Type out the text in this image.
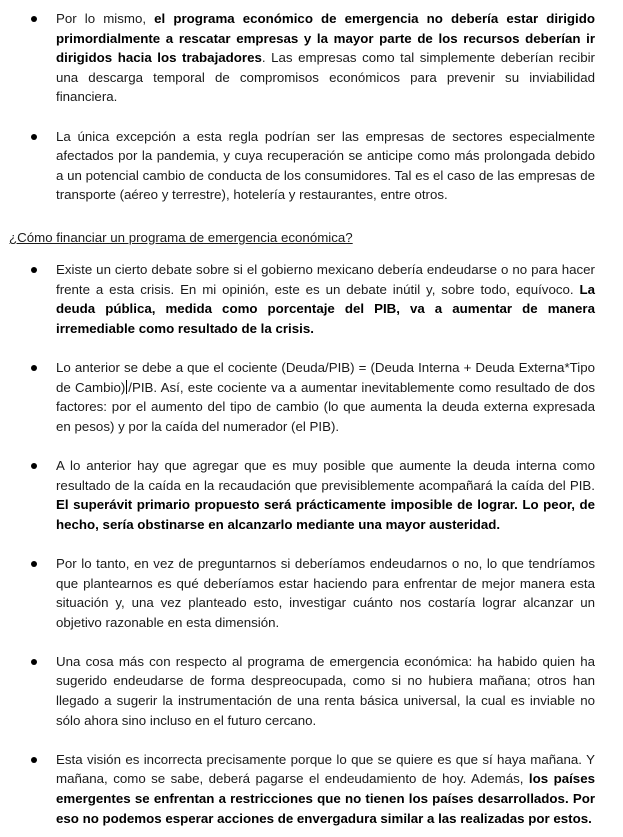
Por lo mismo, el programa económico de emergencia no debería estar dirigido primordialmente a rescatar empresas y la mayor parte de los recursos deberían ir dirigidos hacia los trabajadores. Las empresas como tal simplemente deberían recibir una descarga temporal de compromisos económicos para prevenir su inviabilidad financiera.
La única excepción a esta regla podrían ser las empresas de sectores especialmente afectados por la pandemia, y cuya recuperación se anticipe como más prolongada debido a un potencial cambio de conducta de los consumidores. Tal es el caso de las empresas de transporte (aéreo y terrestre), hotelería y restaurantes, entre otros.
¿Cómo financiar un programa de emergencia económica?
Existe un cierto debate sobre si el gobierno mexicano debería endeudarse o no para hacer frente a esta crisis. En mi opinión, este es un debate inútil y, sobre todo, equívoco. La deuda pública, medida como porcentaje del PIB, va a aumentar de manera irremediable como resultado de la crisis.
Lo anterior se debe a que el cociente (Deuda/PIB) = (Deuda Interna + Deuda Externa*Tipo de Cambio) /PIB. Así, este cociente va a aumentar inevitablemente como resultado de dos factores: por el aumento del tipo de cambio (lo que aumenta la deuda externa expresada en pesos) y por la caída del numerador (el PIB).
A lo anterior hay que agregar que es muy posible que aumente la deuda interna como resultado de la caída en la recaudación que previsiblemente acompañará la caída del PIB. El superávit primario propuesto será prácticamente imposible de lograr. Lo peor, de hecho, sería obstinarse en alcanzarlo mediante una mayor austeridad.
Por lo tanto, en vez de preguntarnos si deberíamos endeudarnos o no, lo que tendríamos que plantearnos es qué deberíamos estar haciendo para enfrentar de mejor manera esta situación y, una vez planteado esto, investigar cuánto nos costaría lograr alcanzar un objetivo razonable en esta dimensión.
Una cosa más con respecto al programa de emergencia económica: ha habido quien ha sugerido endeudarse de forma despreocupada, como si no hubiera mañana; otros han llegado a sugerir la instrumentación de una renta básica universal, la cual es inviable no sólo ahora sino incluso en el futuro cercano.
Esta visión es incorrecta precisamente porque lo que se quiere es que sí haya mañana. Y mañana, como se sabe, deberá pagarse el endeudamiento de hoy. Además, los países emergentes se enfrentan a restricciones que no tienen los países desarrollados. Por eso no podemos esperar acciones de envergadura similar a las realizadas por estos.
